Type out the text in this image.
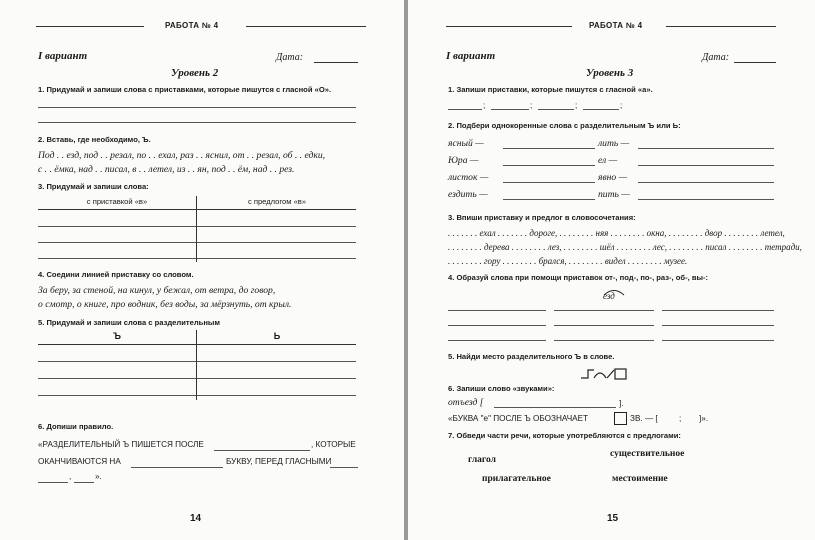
РАБОТА № 4
I вариант	Дата:
Уровень 2
1. Придумай и запиши слова с приставками, которые пишутся с гласной «О».
2. Вставь, где необходимо, Ъ.
Под . . езд, под . . резал, по . . ехал, раз . . яснил, от . . резал, об . . едки,
с . . ёмка, над . . писал, в . . летел, из . . ян, под . . ём, над . . рез.
3. Придумай и запиши слова:
с приставкой «в»	с предлогом «в»
4. Соедини линией приставку со словом.
За беру, за стеной, на кинул, у бежал, от ветра, до говор,
о смотр, о книге, про водник, без воды, за мёрзнуть, от крыл.
5. Придумай и запиши слова с разделительным
Ъ	Ь
6. Допиши правило.
«РАЗДЕЛИТЕЛЬНЫЙ Ъ ПИШЕТСЯ ПОСЛЕ	, КОТОРЫЕ
ОКАНЧИВАЮТСЯ НА	БУКВУ, ПЕРЕД ГЛАСНЫМИ
,	».
14
РАБОТА № 4
I вариант	Дата:
Уровень 3
1. Запиши приставки, которые пишутся с гласной «а».
;	;	;	;
2. Подбери однокоренные слова с разделительным Ъ или Ь:
ясный —	лить —
Юра —	ел —
листок —	явно —
ездить —	пить —
3. Впиши приставку и предлог в словосочетания:
. . . . . . . ехал . . . . . . . дороге, . . . . . . . . няя . . . . . . . . окна, . . . . . . . . двор . . . . . . . . летел,
. . . . . . . . дерева . . . . . . . . лез, . . . . . . . . шёл . . . . . . . . лес, . . . . . . . . писал . . . . . . . . тетради,
. . . . . . . . гору . . . . . . . . брался, . . . . . . . . видел . . . . . . . . музее.
4. Образуй слова при помощи приставок от-, под-, по-, раз-, об-, вы-:
езд
5. Найди место разделительного Ъ в слове.
6. Запиши слово «звуками»:
отъезд [	].
«БУКВА "е" ПОСЛЕ Ъ ОБОЗНАЧАЕТ	ЗВ. — [	; ]».
7. Обведи части речи, которые употребляются с предлогами:
глагол
существительное
прилагательное	местоимение
15
